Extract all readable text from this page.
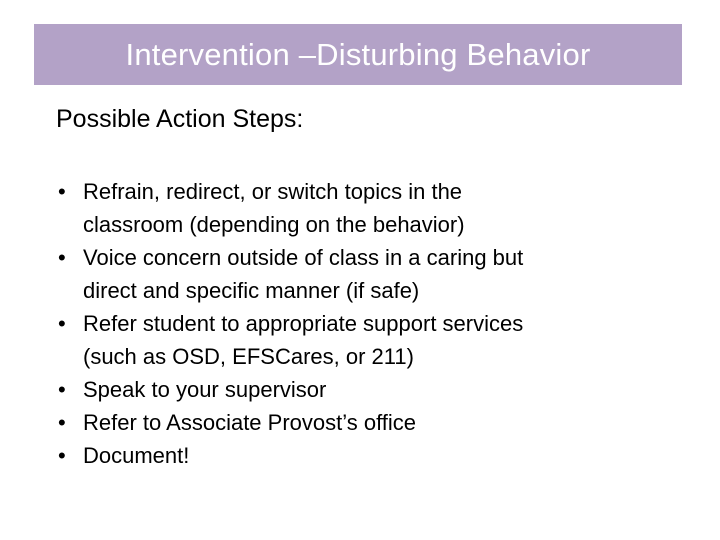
Intervention –Disturbing Behavior
Possible Action Steps:
• Refrain, redirect, or switch topics in the
classroom (depending on the behavior)
• Voice concern outside of class in a caring but
direct and specific manner (if safe)
• Refer student to appropriate support services
(such as OSD, EFSCares, or 211)
• Speak to your supervisor
• Refer to Associate Provost’s office
• Document!
